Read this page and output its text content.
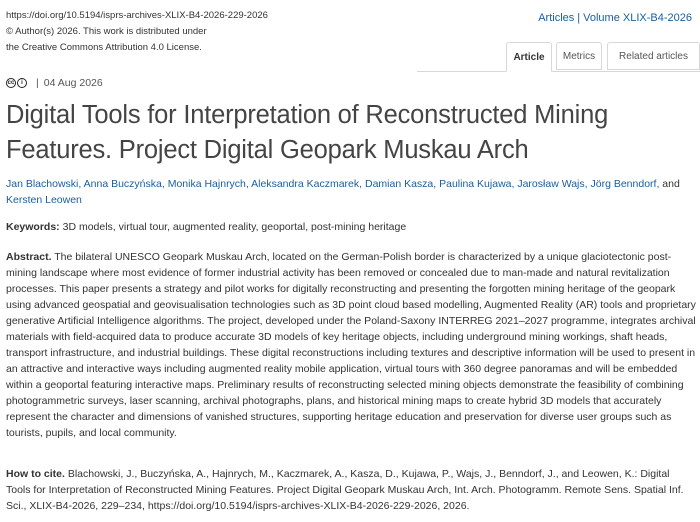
https://doi.org/10.5194/isprs-archives-XLIX-B4-2026-229-2026
© Author(s) 2026. This work is distributed under
the Creative Commons Attribution 4.0 License.
Articles | Volume XLIX-B4-2026
Article	Metrics	Related articles
cc	i	| 04 Aug 2026
Digital Tools for Interpretation of Reconstructed Mining Features. Project Digital Geopark Muskau Arch
Jan Blachowski, Anna Buczyńska, Monika Hajnrych, Aleksandra Kaczmarek, Damian Kasza, Paulina Kujawa, Jarosław Wajs, Jörg Benndorf, and Kersten Leowen
Keywords: 3D models, virtual tour, augmented reality, geoportal, post-mining heritage
Abstract. The bilateral UNESCO Geopark Muskau Arch, located on the German-Polish border is characterized by a unique glaciotectonic post-mining landscape where most evidence of former industrial activity has been removed or concealed due to man-made and natural revitalization processes. This paper presents a strategy and pilot works for digitally reconstructing and presenting the forgotten mining heritage of the geopark using advanced geospatial and geovisualisation technologies such as 3D point cloud based modelling, Augmented Reality (AR) tools and proprietary generative Artificial Intelligence algorithms. The project, developed under the Poland-Saxony INTERREG 2021–2027 programme, integrates archival materials with field-acquired data to produce accurate 3D models of key heritage objects, including underground mining workings, shaft heads, transport infrastructure, and industrial buildings. These digital reconstructions including textures and descriptive information will be used to present in an attractive and interactive ways including augmented reality mobile application, virtual tours with 360 degree panoramas and will be embedded within a geoportal featuring interactive maps. Preliminary results of reconstructing selected mining objects demonstrate the feasibility of combining photogrammetric surveys, laser scanning, archival photographs, plans, and historical mining maps to create hybrid 3D models that accurately represent the character and dimensions of vanished structures, supporting heritage education and preservation for diverse user groups such as tourists, pupils, and local community.
How to cite. Blachowski, J., Buczyńska, A., Hajnrych, M., Kaczmarek, A., Kasza, D., Kujawa, P., Wajs, J., Benndorf, J., and Leowen, K.: Digital Tools for Interpretation of Reconstructed Mining Features. Project Digital Geopark Muskau Arch, Int. Arch. Photogramm. Remote Sens. Spatial Inf. Sci., XLIX-B4-2026, 229–234, https://doi.org/10.5194/isprs-archives-XLIX-B4-2026-229-2026, 2026.
